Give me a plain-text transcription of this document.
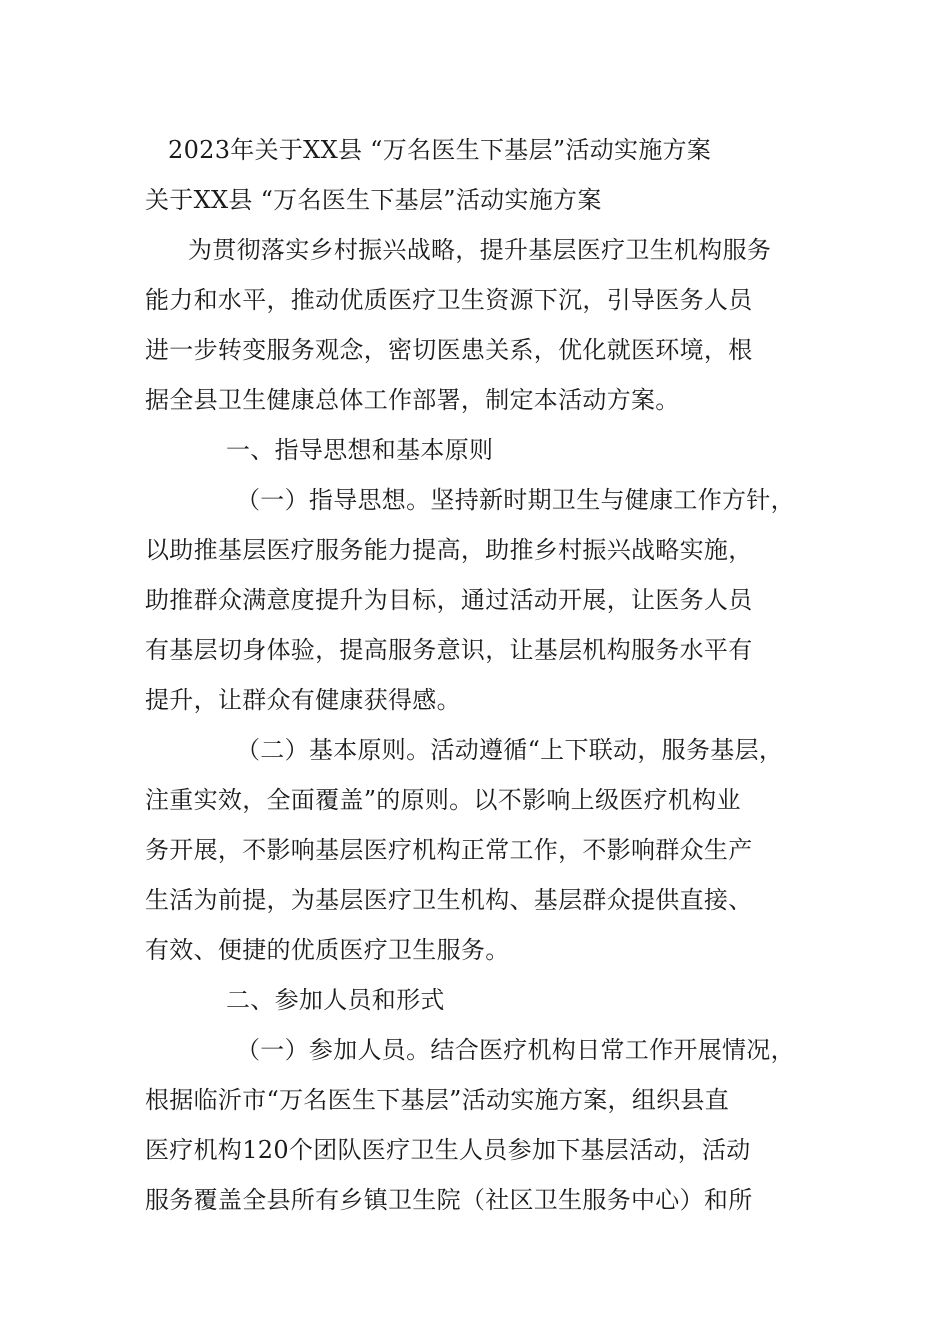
2023年关于XX县 “万名医生下基层”活动实施方案
关于XX县 “万名医生下基层”活动实施方案
为贯彻落实乡村振兴战略，提升基层医疗卫生机构服务
能力和水平，推动优质医疗卫生资源下沉，引导医务人员
进一步转变服务观念，密切医患关系，优化就医环境，根
据全县卫生健康总体工作部署，制定本活动方案。
一、指导思想和基本原则
（一）指导思想。坚持新时期卫生与健康工作方针，
以助推基层医疗服务能力提高，助推乡村振兴战略实施，
助推群众满意度提升为目标，通过活动开展，让医务人员
有基层切身体验，提高服务意识，让基层机构服务水平有
提升，让群众有健康获得感。
（二）基本原则。活动遵循“上下联动，服务基层，
注重实效，全面覆盖”的原则。以不影响上级医疗机构业
务开展，不影响基层医疗机构正常工作，不影响群众生产
生活为前提，为基层医疗卫生机构、基层群众提供直接、
有效、便捷的优质医疗卫生服务。
二、参加人员和形式
（一）参加人员。结合医疗机构日常工作开展情况，
根据临沂市“万名医生下基层”活动实施方案，组织县直
医疗机构120个团队医疗卫生人员参加下基层活动，活动
服务覆盖全县所有乡镇卫生院（社区卫生服务中心）和所
